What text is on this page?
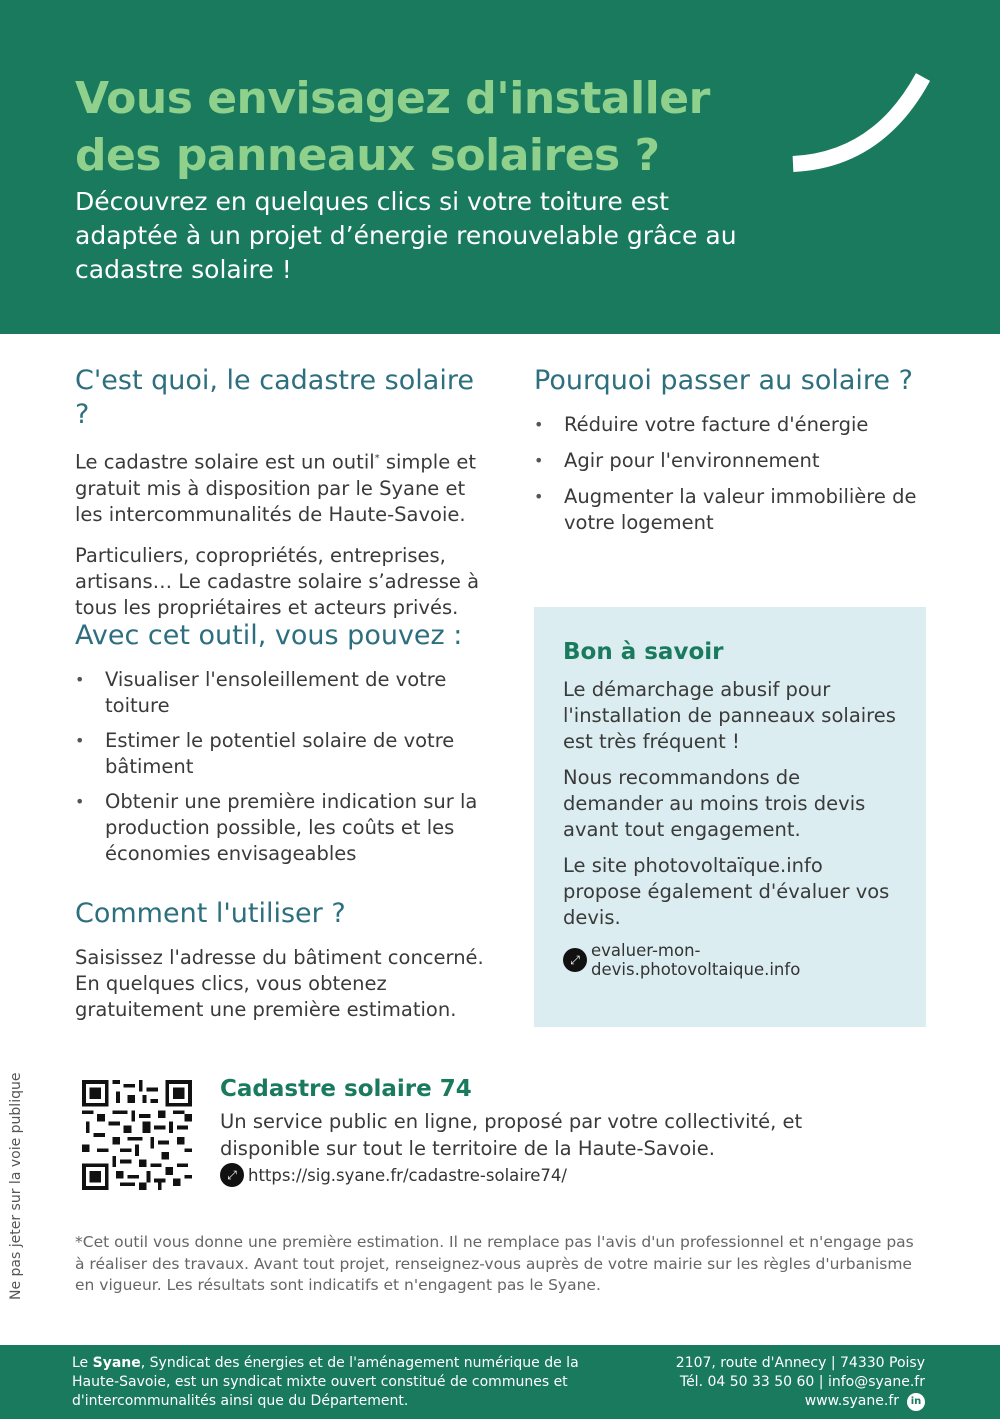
Vous envisagez d'installer des panneaux solaires ?

Découvrez en quelques clics si votre toiture est adaptée à un projet d’énergie renouvelable grâce au cadastre solaire !

C'est quoi, le cadastre solaire ?

Le cadastre solaire est un outil* simple et gratuit mis à disposition par le Syane et les intercommunalités de Haute-Savoie.

Particuliers, copropriétés, entreprises, artisans… Le cadastre solaire s’adresse à tous les propriétaires et acteurs privés.

Pourquoi passer au solaire ?
• Réduire votre facture d'énergie
• Agir pour l'environnement
• Augmenter la valeur immobilière de votre logement
Avec cet outil, vous pouvez :
• Visualiser l'ensoleillement de votre toiture
• Estimer le potentiel solaire de votre bâtiment
• Obtenir une première indication sur la production possible, les coûts et les économies envisageables
Comment l'utiliser ?

Saisissez l'adresse du bâtiment concerné. En quelques clics, vous obtenez gratuitement une première estimation.

Bon à savoir

Le démarchage abusif pour l'installation de panneaux solaires est très fréquent !

Nous recommandons de demander au moins trois devis avant tout engagement.

Le site photovoltaïque.info propose également d'évaluer vos devis.

⤢ evaluer-mon-devis.photovoltaique.info
Ne pas jeter sur la voie publique	Cadastre solaire 74

Un service public en ligne, proposé par votre collectivité, et disponible sur tout le territoire de la Haute-Savoie.

⤢ https://sig.syane.fr/cadastre-solaire74/

*Cet outil vous donne une première estimation. Il ne remplace pas l'avis d'un professionnel et n'engage pas à réaliser des travaux. Avant tout projet, renseignez-vous auprès de votre mairie sur les règles d'urbanisme en vigueur. Les résultats sont indicatifs et n'engagent pas le Syane.

Le Syane, Syndicat des énergies et de l'aménagement numérique de la Haute-Savoie, est un syndicat mixte ouvert constitué de communes et d'intercommunalités ainsi que du Département.

2107, route d'Annecy | 74330 Poisy
Tél. 04 50 33 50 60 | info@syane.fr
www.syane.fr	in
